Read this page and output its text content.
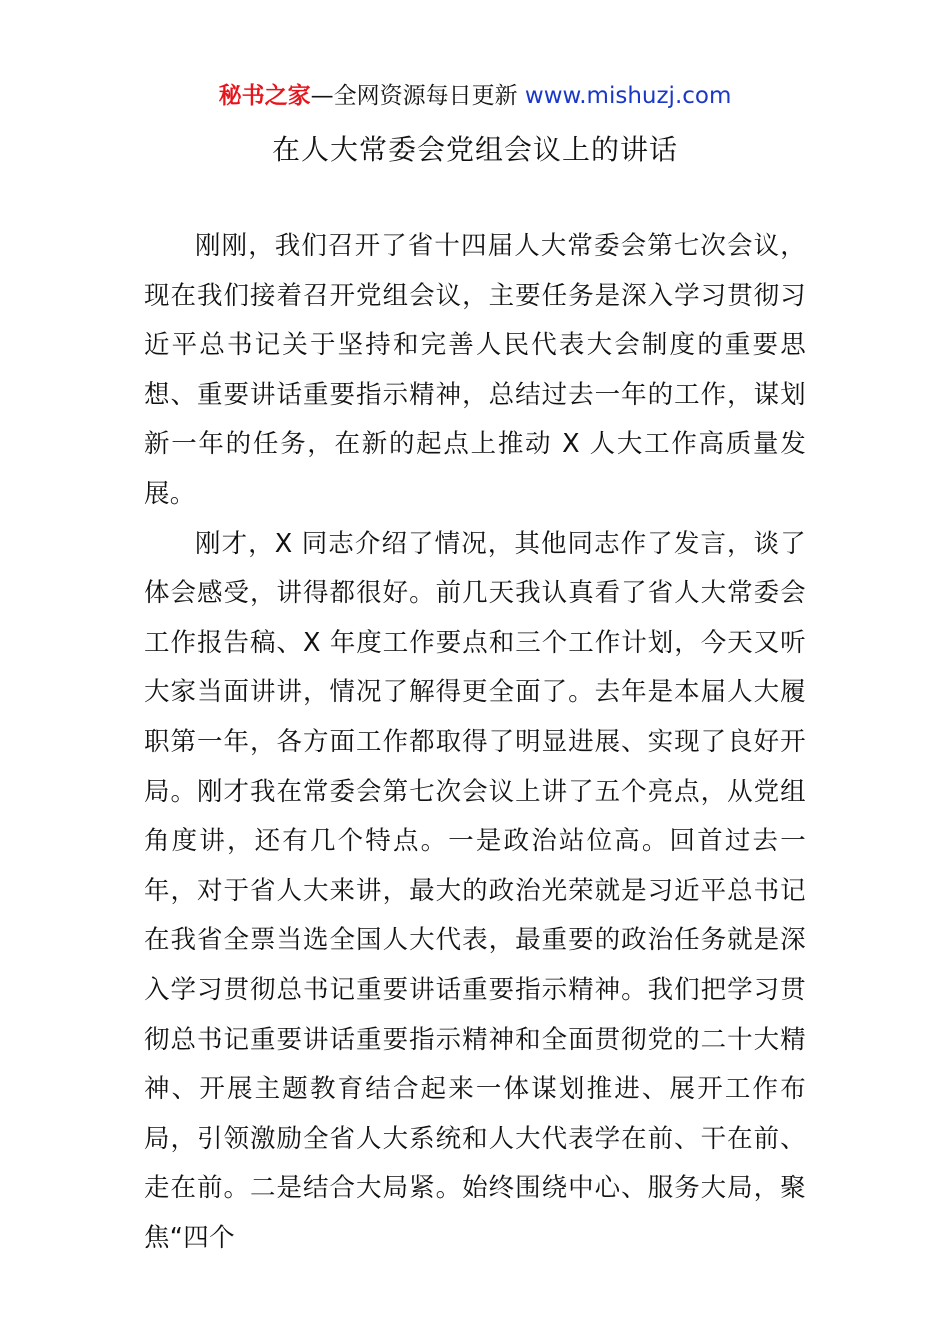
秘书之家—全网资源每日更新 www.mishuzj.com
在人大常委会党组会议上的讲话

刚刚，我们召开了省十四届人大常委会第七次会议，现在我们接着召开党组会议，主要任务是深入学习贯彻习近平总书记关于坚持和完善人民代表大会制度的重要思想、重要讲话重要指示精神，总结过去一年的工作，谋划新一年的任务，在新的起点上推动 X 人大工作高质量发展。

刚才，X 同志介绍了情况，其他同志作了发言，谈了体会感受，讲得都很好。前几天我认真看了省人大常委会工作报告稿、X 年度工作要点和三个工作计划，今天又听大家当面讲讲，情况了解得更全面了。去年是本届人大履职第一年，各方面工作都取得了明显进展、实现了良好开局。刚才我在常委会第七次会议上讲了五个亮点，从党组角度讲，还有几个特点。一是政治站位高。回首过去一年，对于省人大来讲，最大的政治光荣就是习近平总书记在我省全票当选全国人大代表，最重要的政治任务就是深入学习贯彻总书记重要讲话重要指示精神。我们把学习贯彻总书记重要讲话重要指示精神和全面贯彻党的二十大精神、开展主题教育结合起来一体谋划推进、展开工作布局，引领激励全省人大系统和人大代表学在前、干在前、走在前。二是结合大局紧。始终围绕中心、服务大局，聚焦“四个
